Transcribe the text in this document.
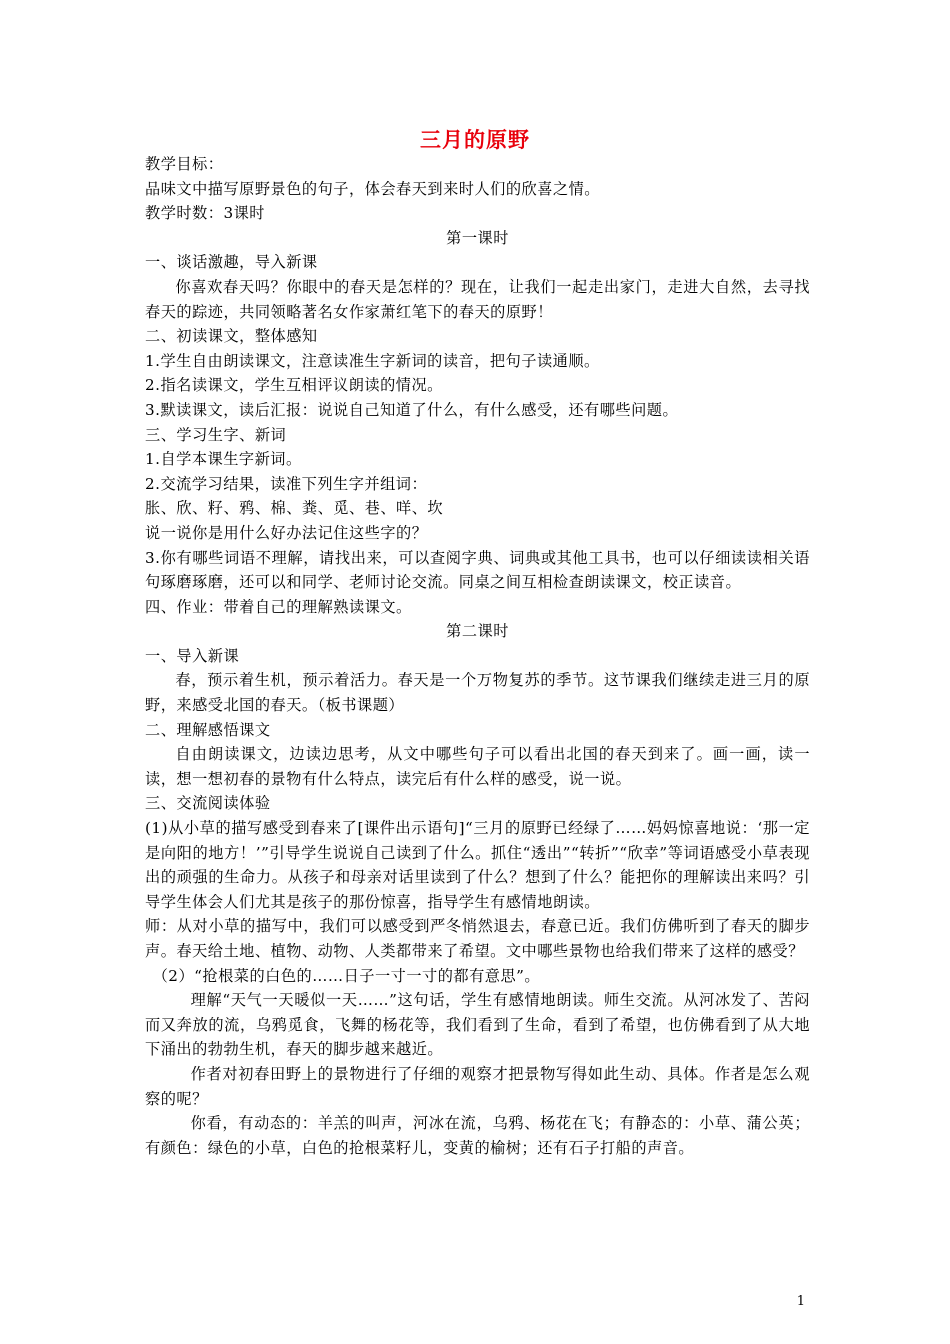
三月的原野

教学目标：

品味文中描写原野景色的句子，体会春天到来时人们的欣喜之情。

教学时数：3课时

第一课时

一、谈话激趣，导入新课

你喜欢春天吗？你眼中的春天是怎样的？现在，让我们一起走出家门，走进大自然，去寻找春天的踪迹，共同领略著名女作家萧红笔下的春天的原野！

二、初读课文，整体感知

1.学生自由朗读课文，注意读准生字新词的读音，把句子读通顺。

2.指名读课文，学生互相评议朗读的情况。

3.默读课文，读后汇报：说说自己知道了什么，有什么感受，还有哪些问题。

三、学习生字、新词

1.自学本课生字新词。

2.交流学习结果，读准下列生字并组词：

胀、欣、籽、鸦、棉、粪、觅、巷、咩、坎

说一说你是用什么好办法记住这些字的？

3.你有哪些词语不理解，请找出来，可以查阅字典、词典或其他工具书，也可以仔细读读相关语句琢磨琢磨，还可以和同学、老师讨论交流。同桌之间互相检查朗读课文，校正读音。

四、作业：带着自己的理解熟读课文。

第二课时

一、导入新课

春，预示着生机，预示着活力。春天是一个万物复苏的季节。这节课我们继续走进三月的原野，来感受北国的春天。（板书课题）

二、理解感悟课文

自由朗读课文，边读边思考，从文中哪些句子可以看出北国的春天到来了。画一画，读一读，想一想初春的景物有什么特点，读完后有什么样的感受，说一说。

三、交流阅读体验

(1)从小草的描写感受到春来了[课件出示语句]“三月的原野已经绿了……妈妈惊喜地说：‘那一定是向阳的地方！’”引导学生说说自己读到了什么。抓住“透出”“转折”“欣幸”等词语感受小草表现出的顽强的生命力。从孩子和母亲对话里读到了什么？想到了什么？能把你的理解读出来吗？引导学生体会人们尤其是孩子的那份惊喜，指导学生有感情地朗读。

师：从对小草的描写中，我们可以感受到严冬悄然退去，春意已近。我们仿佛听到了春天的脚步声。春天给土地、植物、动物、人类都带来了希望。文中哪些景物也给我们带来了这样的感受？

（2）“抢根菜的白色的……日子一寸一寸的都有意思”。

理解“天气一天暖似一天……”这句话，学生有感情地朗读。师生交流。从河冰发了、苦闷而又奔放的流，乌鸦觅食，飞舞的杨花等，我们看到了生命，看到了希望，也仿佛看到了从大地下涌出的勃勃生机，春天的脚步越来越近。

作者对初春田野上的景物进行了仔细的观察才把景物写得如此生动、具体。作者是怎么观察的呢？

你看，有动态的：羊羔的叫声，河冰在流，乌鸦、杨花在飞；有静态的：小草、蒲公英；有颜色：绿色的小草，白色的抢根菜籽儿，变黄的榆树；还有石子打船的声音。

1
